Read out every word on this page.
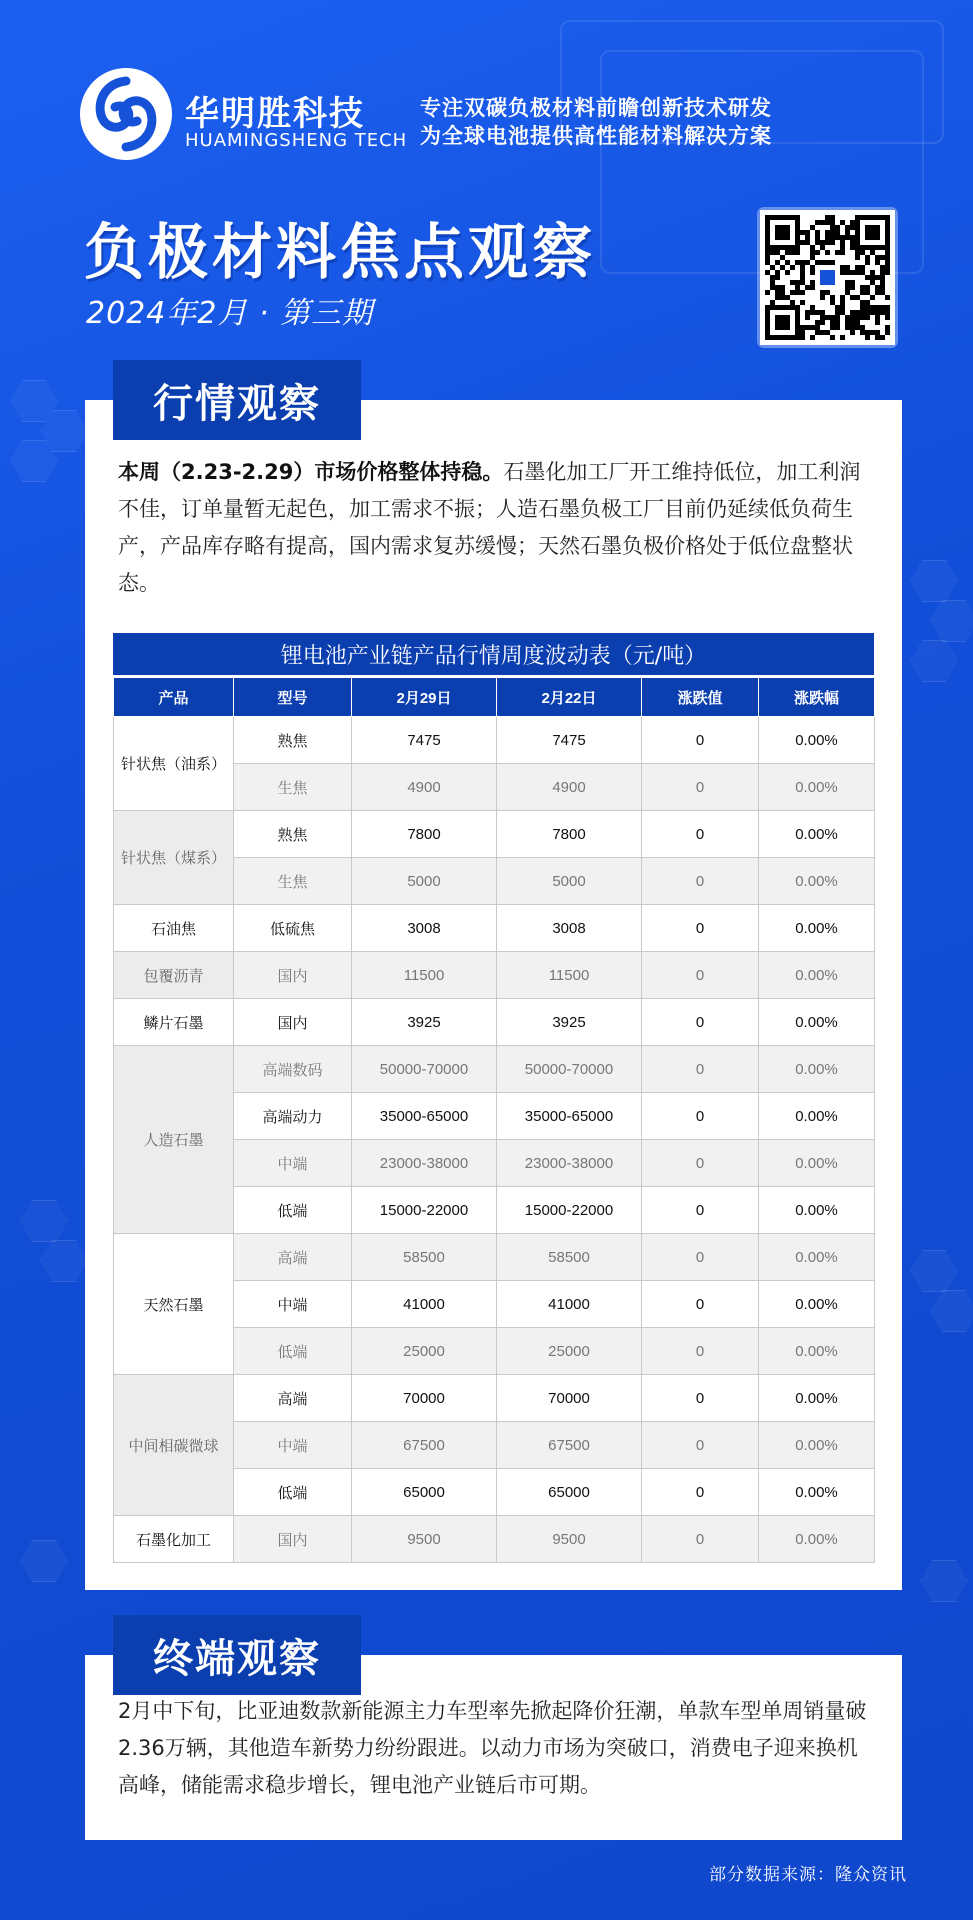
华明胜科技
HUAMINGSHENG TECH
专注双碳负极材料前瞻创新技术研发
为全球电池提供高性能材料解决方案
负极材料焦点观察
2024年2月 · 第三期
本周（2.23-2.29）市场价格整体持稳。石墨化加工厂开工维持低位，加工利润不佳，订单量暂无起色，加工需求不振；人造石墨负极工厂目前仍延续低负荷生产，产品库存略有提高，国内需求复苏缓慢；天然石墨负极价格处于低位盘整状态。
锂电池产业链产品行情周度波动表（元/吨）
产品	型号	2月29日	2月22日	涨跌值	涨跌幅
针状焦（油系）	熟焦	7475	7475	0	0.00%
	生焦	4900	4900	0	0.00%
针状焦（煤系）	熟焦	7800	7800	0	0.00%
	生焦	5000	5000	0	0.00%
石油焦	低硫焦	3008	3008	0	0.00%
包覆沥青	国内	11500	11500	0	0.00%
鳞片石墨	国内	3925	3925	0	0.00%
人造石墨	高端数码	50000-70000	50000-70000	0	0.00%
	高端动力	35000-65000	35000-65000	0	0.00%
	中端	23000-38000	23000-38000	0	0.00%
	低端	15000-22000	15000-22000	0	0.00%
天然石墨	高端	58500	58500	0	0.00%
	中端	41000	41000	0	0.00%
	低端	25000	25000	0	0.00%
中间相碳微球	高端	70000	70000	0	0.00%
	中端	67500	67500	0	0.00%
	低端	65000	65000	0	0.00%
石墨化加工	国内	9500	9500	0	0.00%
行情观察
2月中下旬，比亚迪数款新能源主力车型率先掀起降价狂潮，单款车型单周销量破2.36万辆，其他造车新势力纷纷跟进。以动力市场为突破口，消费电子迎来换机高峰，储能需求稳步增长，锂电池产业链后市可期。
终端观察
部分数据来源：隆众资讯
